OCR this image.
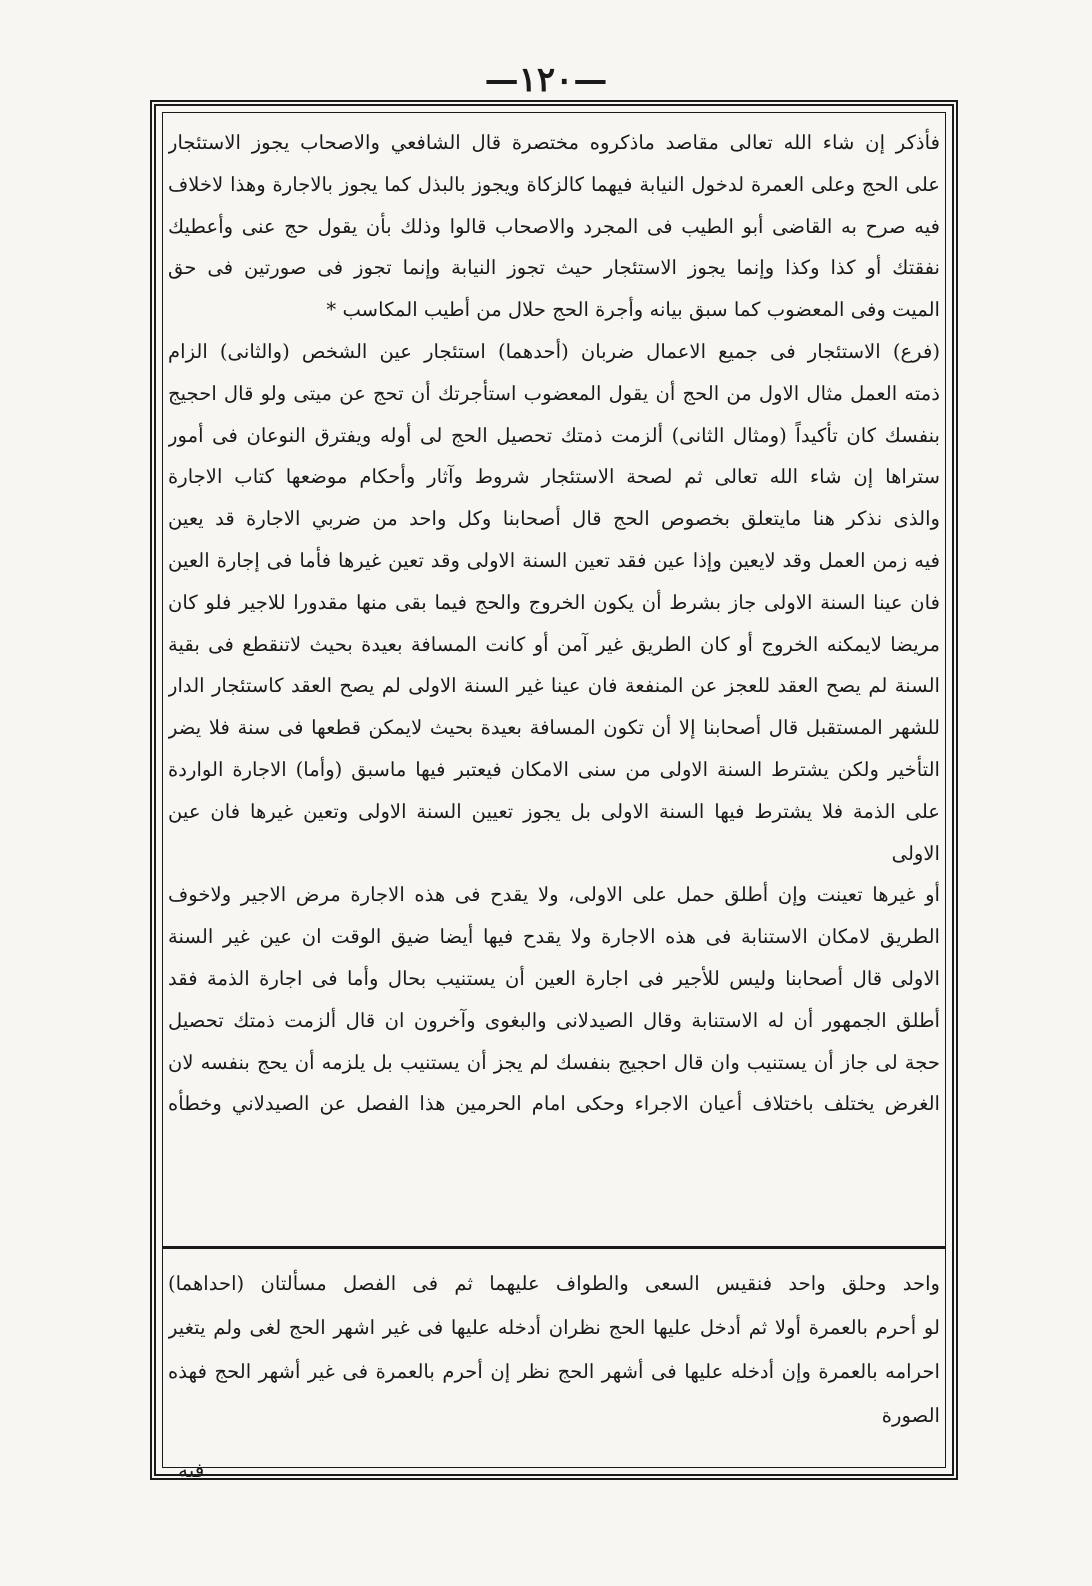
—١٢٠—

فأذكر إن شاء الله تعالى مقاصد ماذكروه مختصرة قال الشافعي والاصحاب يجوز الاستئجار

على الحج وعلى العمرة لدخول النيابة فيهما كالزكاة ويجوز بالبذل كما يجوز بالاجارة وهذا لاخلاف

فيه صرح به القاضى أبو الطيب فى المجرد والاصحاب قالوا وذلك بأن يقول حج عنى وأعطيك

نفقتك أو كذا وكذا وإنما يجوز الاستئجار حيث تجوز النيابة وإنما تجوز فى صورتين فى حق

الميت وفى المعضوب كما سبق بيانه وأجرة الحج حلال من أطيب المكاسب *

(فرع) الاستئجار فى جميع الاعمال ضربان (أحدهما) استئجار عين الشخص (والثانى) الزام

ذمته العمل مثال الاول من الحج أن يقول المعضوب استأجرتك أن تحج عن ميتى ولو قال احجيج

بنفسك كان تأكيداً (ومثال الثانى) ألزمت ذمتك تحصيل الحج لى أوله ويفترق النوعان فى أمور

ستراها إن شاء الله تعالى ثم لصحة الاستئجار شروط وآثار وأحكام موضعها كتاب الاجارة

والذى نذكر هنا مايتعلق بخصوص الحج قال أصحابنا وكل واحد من ضربي الاجارة قد يعين

فيه زمن العمل وقد لايعين وإذا عين فقد تعين السنة الاولى وقد تعين غيرها فأما فى إجارة العين

فان عينا السنة الاولى جاز بشرط أن يكون الخروج والحج فيما بقى منها مقدورا للاجير فلو كان

مريضا لايمكنه الخروج أو كان الطريق غير آمن أو كانت المسافة بعيدة بحيث لاتنقطع فى بقية

السنة لم يصح العقد للعجز عن المنفعة فان عينا غير السنة الاولى لم يصح العقد كاستئجار الدار

للشهر المستقبل قال أصحابنا إلا أن تكون المسافة بعيدة بحيث لايمكن قطعها فى سنة فلا يضر

التأخير ولكن يشترط السنة الاولى من سنى الامكان فيعتبر فيها ماسبق (وأما) الاجارة الواردة

على الذمة فلا يشترط فيها السنة الاولى بل يجوز تعيين السنة الاولى وتعين غيرها فان عين الاولى

أو غيرها تعينت وإن أطلق حمل على الاولى، ولا يقدح فى هذه الاجارة مرض الاجير ولاخوف

الطريق لامكان الاستنابة فى هذه الاجارة ولا يقدح فيها أيضا ضيق الوقت ان عين غير السنة

الاولى قال أصحابنا وليس للأجير فى اجارة العين أن يستنيب بحال وأما فى اجارة الذمة فقد

أطلق الجمهور أن له الاستنابة وقال الصيدلانى والبغوى وآخرون ان قال ألزمت ذمتك تحصيل

حجة لى جاز أن يستنيب وان قال احجيج بنفسك لم يجز أن يستنيب بل يلزمه أن يحج بنفسه لان

الغرض يختلف باختلاف أعيان الاجراء وحكى امام الحرمين هذا الفصل عن الصيدلاني وخطأه

واحد وحلق واحد فنقيس السعى والطواف عليهما ثم فى الفصل مسألتان (احداهما)

لو أحرم بالعمرة أولا ثم أدخل عليها الحج نظران أدخله عليها فى غير اشهر الحج لغى ولم يتغير

احرامه بالعمرة وإن أدخله عليها فى أشهر الحج نظر إن أحرم بالعمرة فى غير أشهر الحج فهذه الصورة

فيه
